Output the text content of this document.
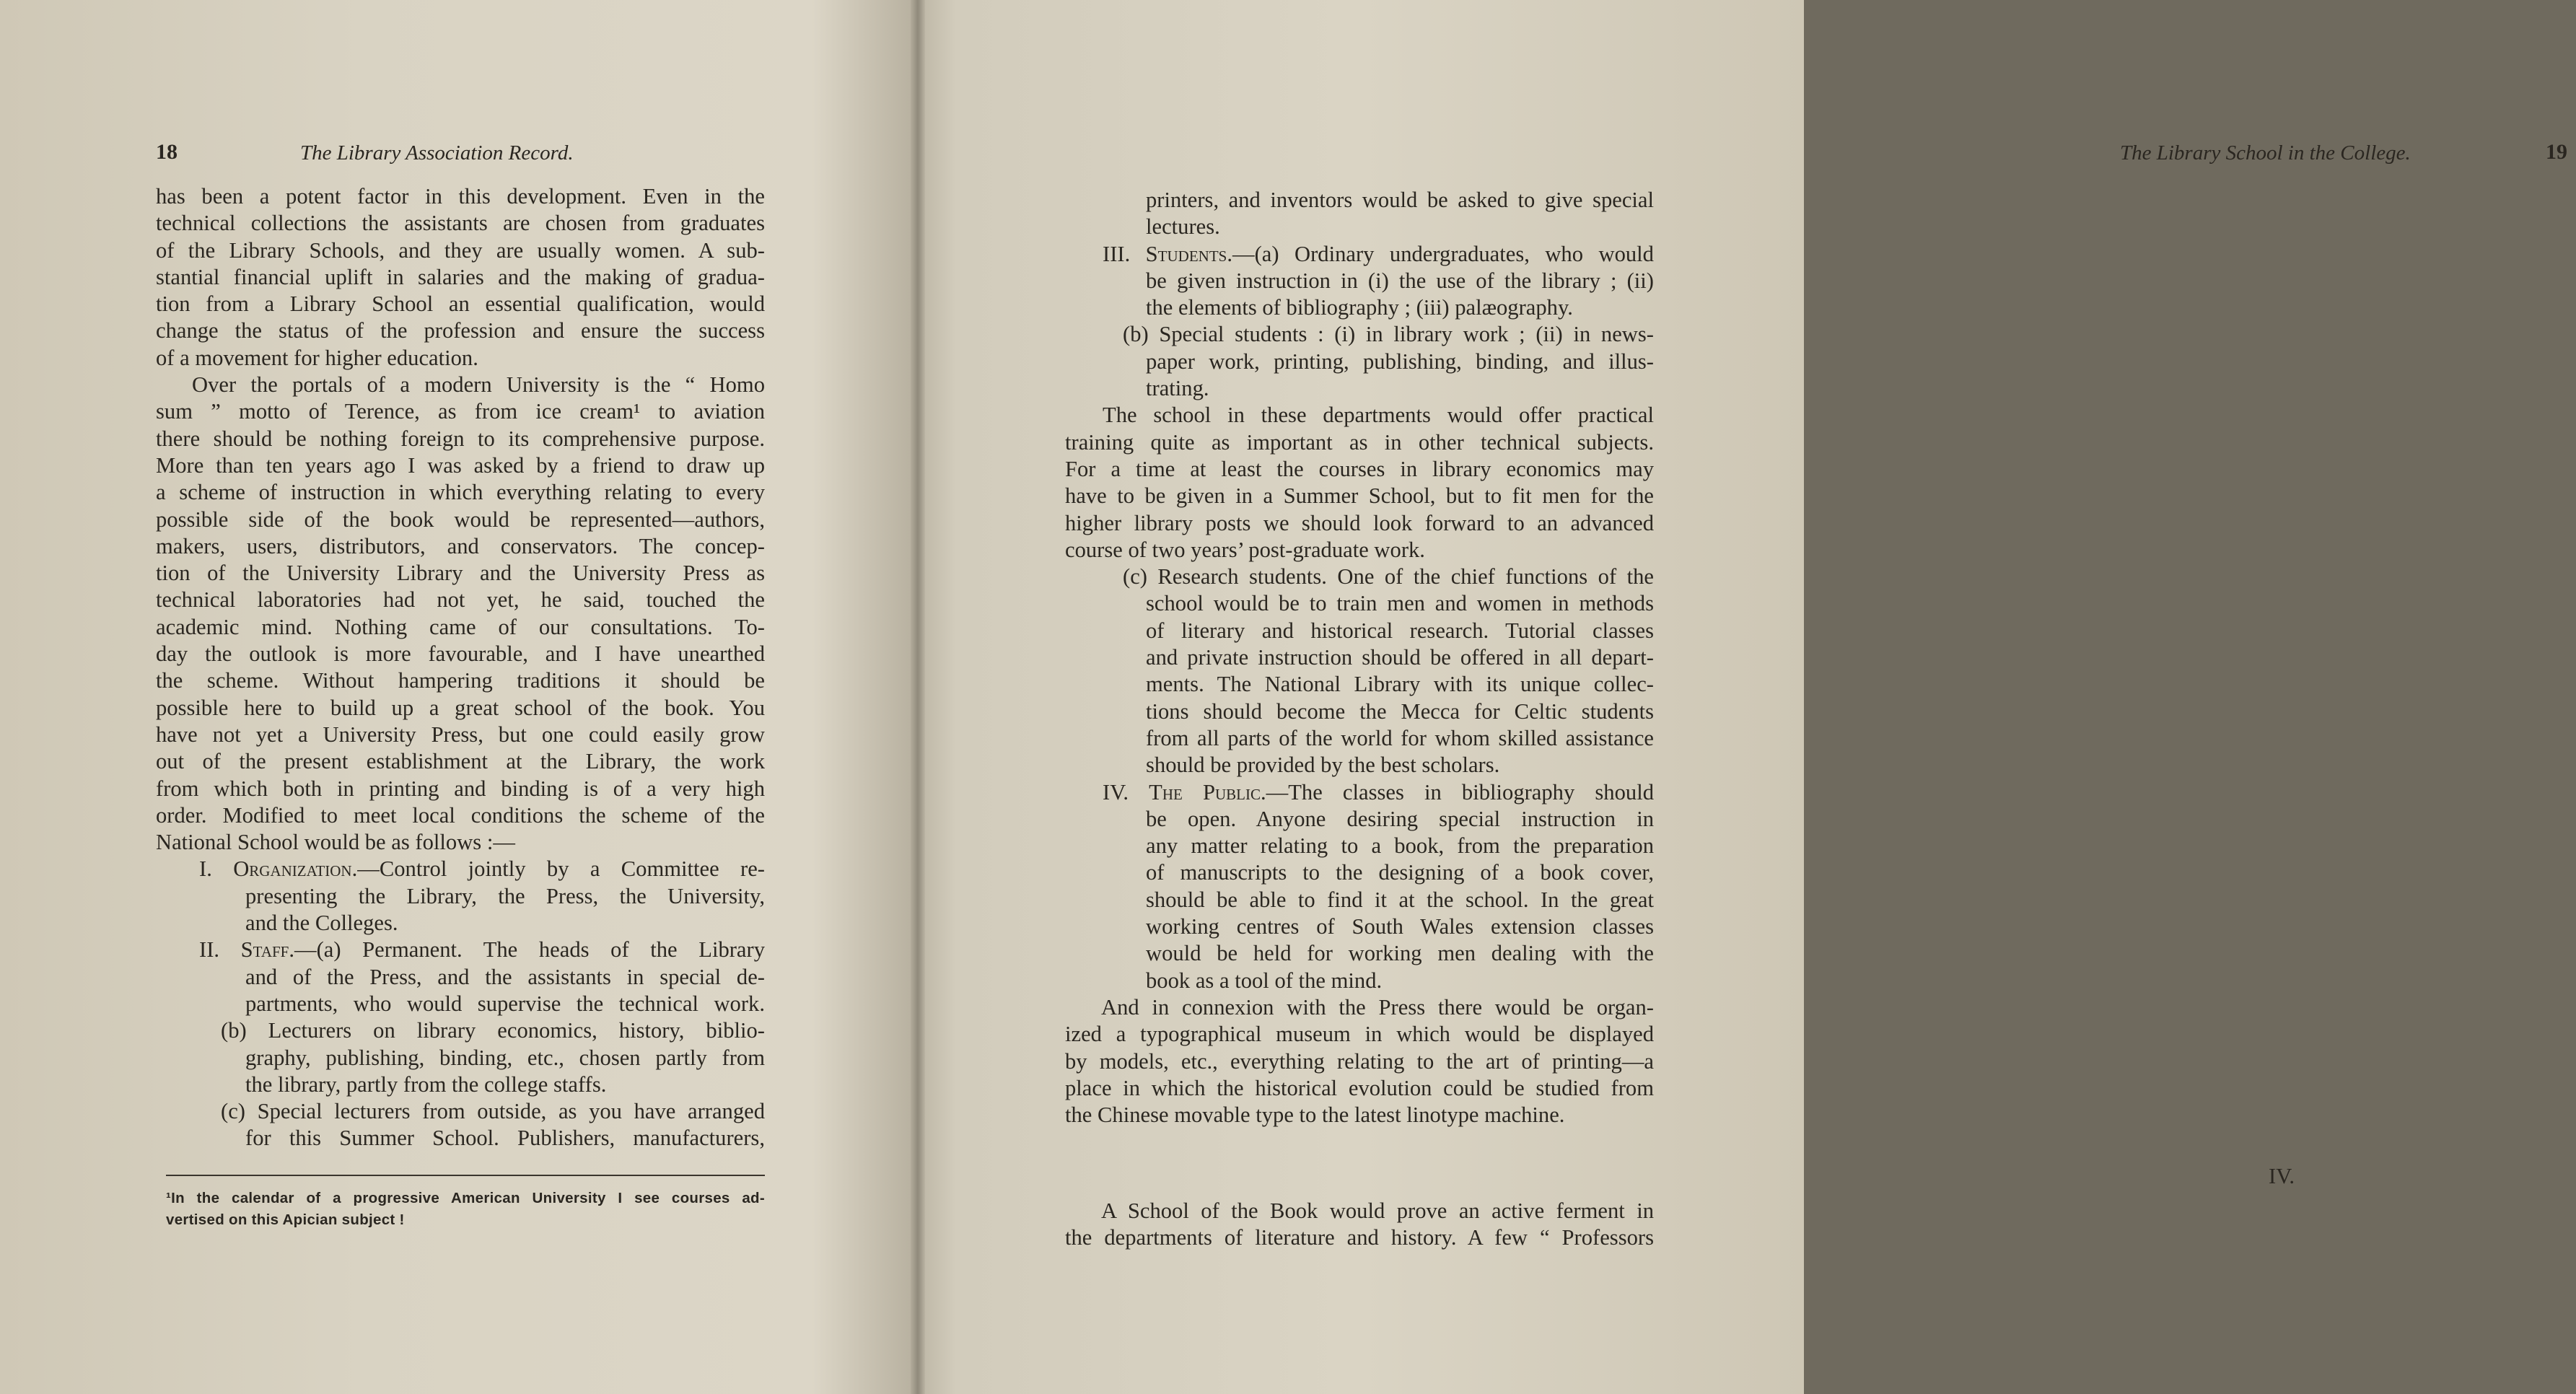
18	The Library Association Record.
has been a potent factor in this development. Even in the
technical collections the assistants are chosen from graduates
of the Library Schools, and they are usually women. A sub-
stantial financial uplift in salaries and the making of gradua-
tion from a Library School an essential qualification, would
change the status of the profession and ensure the success
of a movement for higher education.
Over the portals of a modern University is the “ Homo
sum ” motto of Terence, as from ice cream¹ to aviation
there should be nothing foreign to its comprehensive purpose.
More than ten years ago I was asked by a friend to draw up
a scheme of instruction in which everything relating to every
possible side of the book would be represented—authors,
makers, users, distributors, and conservators. The concep-
tion of the University Library and the University Press as
technical laboratories had not yet, he said, touched the
academic mind. Nothing came of our consultations. To-
day the outlook is more favourable, and I have unearthed
the scheme. Without hampering traditions it should be
possible here to build up a great school of the book. You
have not yet a University Press, but one could easily grow
out of the present establishment at the Library, the work
from which both in printing and binding is of a very high
order. Modified to meet local conditions the scheme of the
National School would be as follows :—
I. Organization.—Control jointly by a Committee re-
presenting the Library, the Press, the University,
and the Colleges.
II. Staff.—(a) Permanent. The heads of the Library
and of the Press, and the assistants in special de-
partments, who would supervise the technical work.
(b) Lecturers on library economics, history, biblio-
graphy, publishing, binding, etc., chosen partly from
the library, partly from the college staffs.
(c) Special lecturers from outside, as you have arranged
for this Summer School. Publishers, manufacturers,
¹In the calendar of a progressive American University I see courses ad-
vertised on this Apician subject !
The Library School in the College.	19
printers, and inventors would be asked to give special
lectures.
III. Students.—(a) Ordinary undergraduates, who would
be given instruction in (i) the use of the library ; (ii)
the elements of bibliography ; (iii) palæography.
(b) Special students : (i) in library work ; (ii) in news-
paper work, printing, publishing, binding, and illus-
trating.
The school in these departments would offer practical
training quite as important as in other technical subjects.
For a time at least the courses in library economics may
have to be given in a Summer School, but to fit men for the
higher library posts we should look forward to an advanced
course of two years’ post-graduate work.
(c) Research students. One of the chief functions of the
school would be to train men and women in methods
of literary and historical research. Tutorial classes
and private instruction should be offered in all depart-
ments. The National Library with its unique collec-
tions should become the Mecca for Celtic students
from all parts of the world for whom skilled assistance
should be provided by the best scholars.
IV. The Public.—The classes in bibliography should
be open. Anyone desiring special instruction in
any matter relating to a book, from the preparation
of manuscripts to the designing of a book cover,
should be able to find it at the school. In the great
working centres of South Wales extension classes
would be held for working men dealing with the
book as a tool of the mind.
And in connexion with the Press there would be organ-
ized a typographical museum in which would be displayed
by models, etc., everything relating to the art of printing—a
place in which the historical evolution could be studied from
the Chinese movable type to the latest linotype machine.
IV.
A School of the Book would prove an active ferment in
the departments of literature and history. A few “ Professors
